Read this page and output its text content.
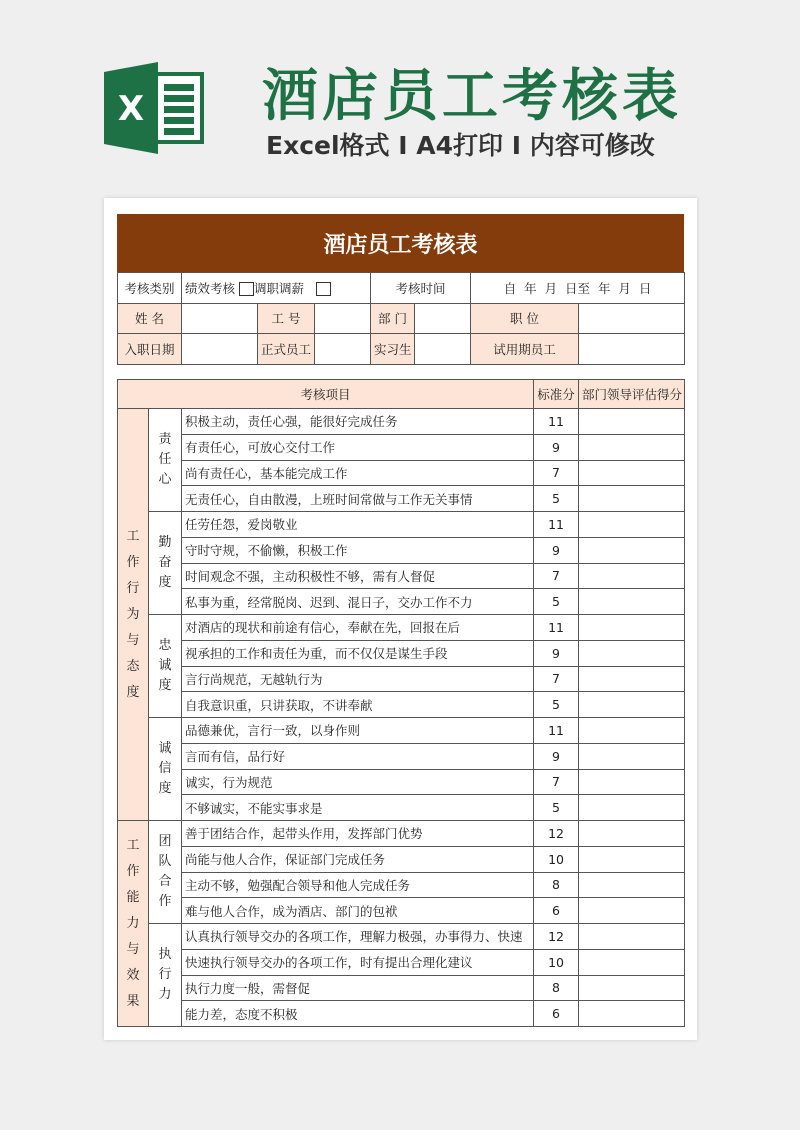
X 酒店员工考核表
Excel格式 Ⅰ A4打印 Ⅰ 内容可修改
酒店员工考核表
考核类别	绩效考核 调职调薪			考核时间		自  年  月  日至  年  月  日	
姓 名		工 号		部 门		职 位	
入职日期		正式员工		实习生		试用期员工	
考核项目			标准分	部门领导评估得分

工作行为与态度	责任心	积极主动，责任心强，能很好完成任务	11	
		有责任心，可放心交付工作	9	
		尚有责任心，基本能完成工作	7	
		无责任心，自由散漫，上班时间常做与工作无关事情	5	

	勤奋度	任劳任怨，爱岗敬业	11	
		守时守规，不偷懒，积极工作	9	
		时间观念不强，主动积极性不够，需有人督促	7	
		私事为重，经常脱岗、迟到、混日子，交办工作不力	5	

	忠诚度	对酒店的现状和前途有信心，奉献在先，回报在后	11	
		视承担的工作和责任为重，而不仅仅是谋生手段	9	
		言行尚规范，无越轨行为	7	
		自我意识重，只讲获取，不讲奉献	5	

	诚信度	品德兼优，言行一致，以身作则	11	
		言而有信，品行好	9	
		诚实，行为规范	7	
		不够诚实，不能实事求是	5	

工作能力与效果	团队合作	善于团结合作，起带头作用，发挥部门优势	12	
		尚能与他人合作，保证部门完成任务	10	
		主动不够，勉强配合领导和他人完成任务	8	
		难与他人合作，成为酒店、部门的包袱	6	

	执行力	认真执行领导交办的各项工作，理解力极强，办事得力、快速	12	
		快速执行领导交办的各项工作，时有提出合理化建议	10	
		执行力度一般，需督促	8	
		能力差，态度不积极	6	
